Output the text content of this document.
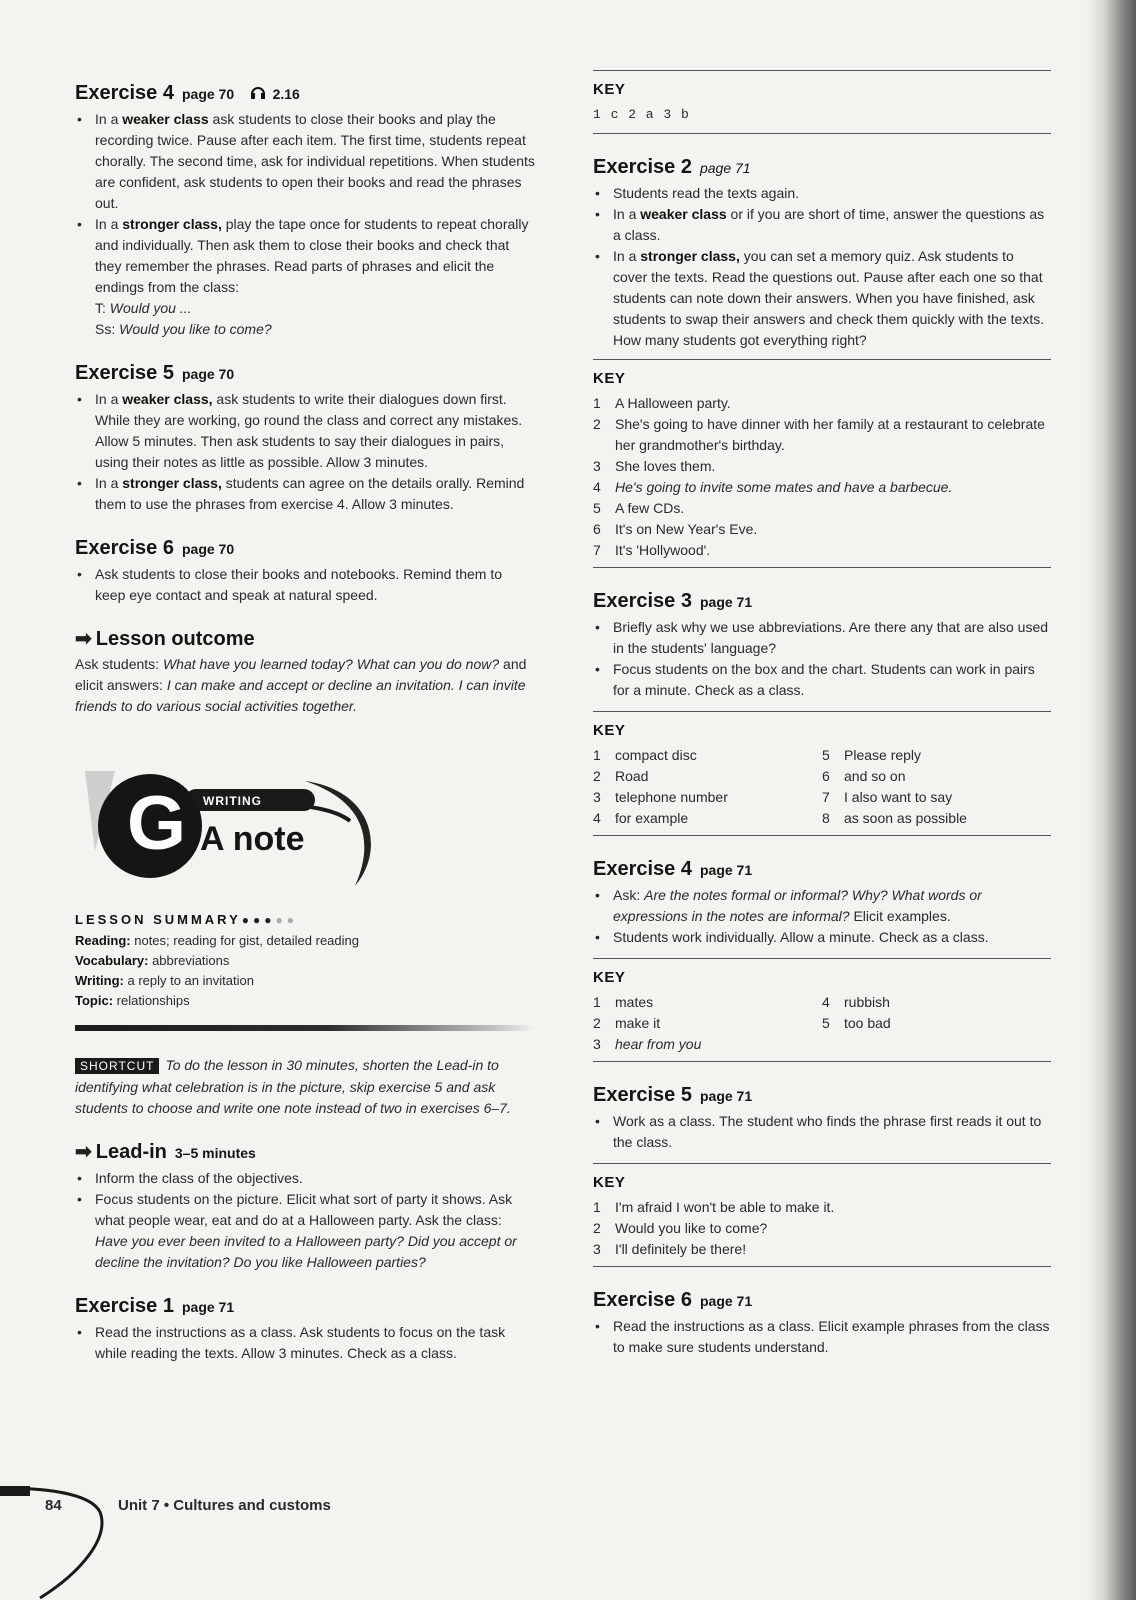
Exercise 4 page 70	2.16
• In a weaker class ask students to close their books and play the recording twice. Pause after each item. The first time, students repeat chorally. The second time, ask for individual repetitions. When students are confident, ask students to open their books and read the phrases out.
• In a stronger class, play the tape once for students to repeat chorally and individually. Then ask them to close their books and check that they remember the phrases. Read parts of phrases and elicit the endings from the class:
T: Would you ...
Ss: Would you like to come?
Exercise 5 page 70
• In a weaker class, ask students to write their dialogues down first. While they are working, go round the class and correct any mistakes. Allow 5 minutes. Then ask students to say their dialogues in pairs, using their notes as little as possible. Allow 3 minutes.
• In a stronger class, students can agree on the details orally. Remind them to use the phrases from exercise 4. Allow 3 minutes.
Exercise 6 page 70
• Ask students to close their books and notebooks. Remind them to keep eye contact and speak at natural speed.
➡ Lesson outcome
Ask students: What have you learned today? What can you do now? and elicit answers: I can make and accept or decline an invitation. I can invite friends to do various social activities together.
G WRITING
A note
LESSON SUMMARY●●●●●
Reading: notes; reading for gist, detailed reading
Vocabulary: abbreviations
Writing: a reply to an invitation
Topic: relationships
SHORTCUT To do the lesson in 30 minutes, shorten the Lead-in to identifying what celebration is in the picture, skip exercise 5 and ask students to choose and write one note instead of two in exercises 6–7.
➡ Lead-in 3–5 minutes
• Inform the class of the objectives.
• Focus students on the picture. Elicit what sort of party it shows. Ask what people wear, eat and do at a Halloween party. Ask the class: Have you ever been invited to a Halloween party? Did you accept or decline the invitation? Do you like Halloween parties?
Exercise 1 page 71
• Read the instructions as a class. Ask students to focus on the task while reading the texts. Allow 3 minutes. Check as a class.
KEY
1 c 2 a 3 b
Exercise 2 page 71
• Students read the texts again.
• In a weaker class or if you are short of time, answer the questions as a class.
• In a stronger class, you can set a memory quiz. Ask students to cover the texts. Read the questions out. Pause after each one so that students can note down their answers. When you have finished, ask students to swap their answers and check them quickly with the texts. How many students got everything right?
KEY
1 A Halloween party.
2 She's going to have dinner with her family at a restaurant to celebrate her grandmother's birthday.
3 She loves them.
4 He's going to invite some mates and have a barbecue.
5 A few CDs.
6 It's on New Year's Eve.
7 It's 'Hollywood'.
Exercise 3 page 71
• Briefly ask why we use abbreviations. Are there any that are also used in the students' language?
• Focus students on the box and the chart. Students can work in pairs for a minute. Check as a class.
KEY
1 compact disc
2 Road
3 telephone number
4 for example
5 Please reply
6 and so on
7 I also want to say
8 as soon as possible
Exercise 4 page 71
• Ask: Are the notes formal or informal? Why? What words or expressions in the notes are informal? Elicit examples.
• Students work individually. Allow a minute. Check as a class.
KEY
1 mates
2 make it
3 hear from you
4 rubbish
5 too bad
Exercise 5 page 71
• Work as a class. The student who finds the phrase first reads it out to the class.
KEY
1 I'm afraid I won't be able to make it.
2 Would you like to come?
3 I'll definitely be there!
Exercise 6 page 71
• Read the instructions as a class. Elicit example phrases from the class to make sure students understand.
84	Unit 7 • Cultures and customs
